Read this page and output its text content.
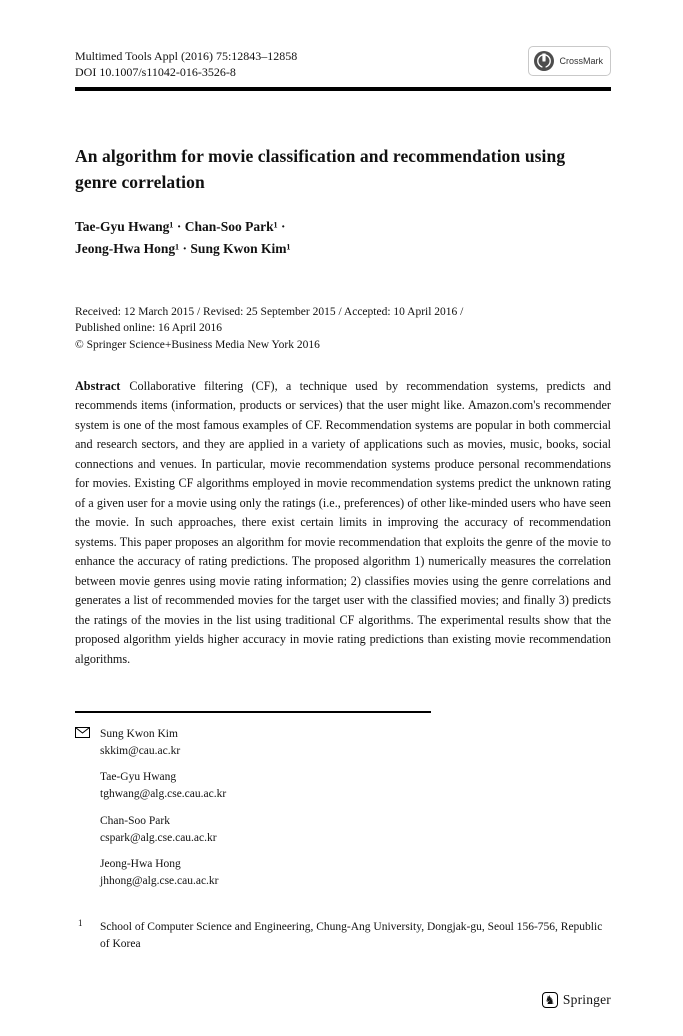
Multimed Tools Appl (2016) 75:12843–12858
DOI 10.1007/s11042-016-3526-8
CrossMark
An algorithm for movie classification and recommendation using genre correlation
Tae-Gyu Hwang¹ · Chan-Soo Park¹ ·
Jeong-Hwa Hong¹ · Sung Kwon Kim¹
Received: 12 March 2015 / Revised: 25 September 2015 / Accepted: 10 April 2016 /
Published online: 16 April 2016
© Springer Science+Business Media New York 2016

Abstract Collaborative filtering (CF), a technique used by recommendation systems, predicts and recommends items (information, products or services) that the user might like. Amazon.com's recommender system is one of the most famous examples of CF. Recommendation systems are popular in both commercial and research sectors, and they are applied in a variety of applications such as movies, music, books, social connections and venues. In particular, movie recommendation systems produce personal recommendations for movies. Existing CF algorithms employed in movie recommendation systems predict the unknown rating of a given user for a movie using only the ratings (i.e., preferences) of other like-minded users who have seen the movie. In such approaches, there exist certain limits in improving the accuracy of recommendation systems. This paper proposes an algorithm for movie recommendation that exploits the genre of the movie to enhance the accuracy of rating predictions. The proposed algorithm 1) numerically measures the correlation between movie genres using movie rating information; 2) classifies movies using the genre correlations and generates a list of recommended movies for the target user with the classified movies; and finally 3) predicts the ratings of the movies in the list using traditional CF algorithms. The experimental results show that the proposed algorithm yields higher accuracy in movie rating predictions than existing movie recommendation algorithms.

Sung Kwon Kim
skkim@cau.ac.kr
Tae-Gyu Hwang
tghwang@alg.cse.cau.ac.kr
Chan-Soo Park
cspark@alg.cse.cau.ac.kr
Jeong-Hwa Hong
jhhong@alg.cse.cau.ac.kr
1 School of Computer Science and Engineering, Chung-Ang University, Dongjak-gu, Seoul 156-756, Republic of Korea
♞ Springer
